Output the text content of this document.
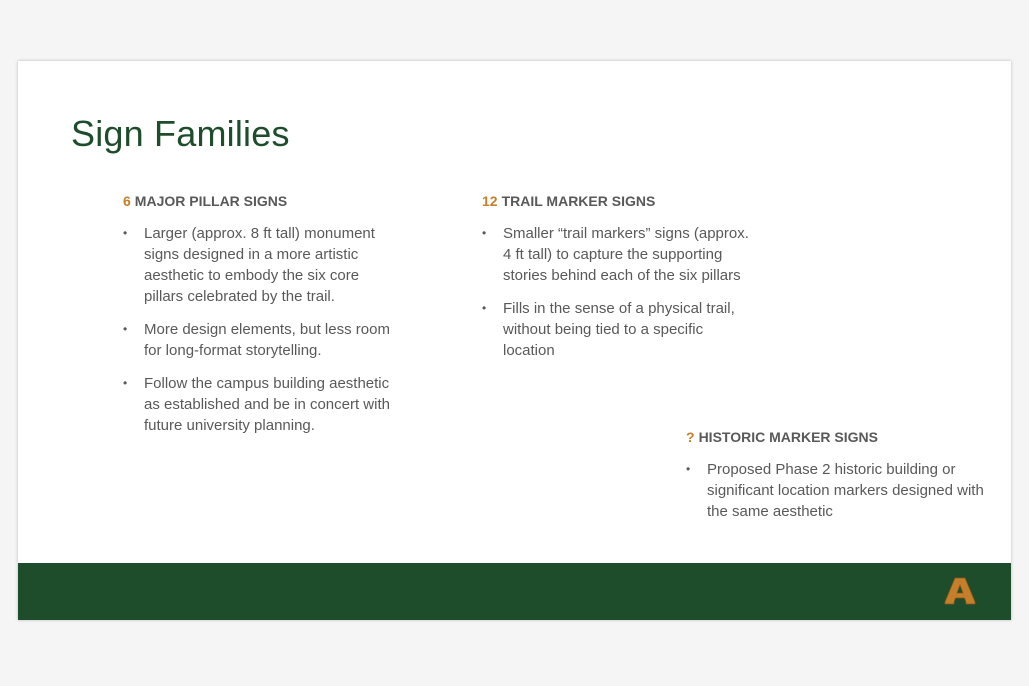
Sign Families
6 MAJOR PILLAR SIGNS
• Larger (approx. 8 ft tall) monument signs designed in a more artistic aesthetic to embody the six core pillars celebrated by the trail.
• More design elements, but less room for long-format storytelling.
• Follow the campus building aesthetic as established and be in concert with future university planning.
12 TRAIL MARKER SIGNS
• Smaller “trail markers” signs (approx. 4 ft tall) to capture the supporting stories behind each of the six pillars
• Fills in the sense of a physical trail, without being tied to a specific location
? HISTORIC MARKER SIGNS
• Proposed Phase 2 historic building or significant location markers designed with the same aesthetic
